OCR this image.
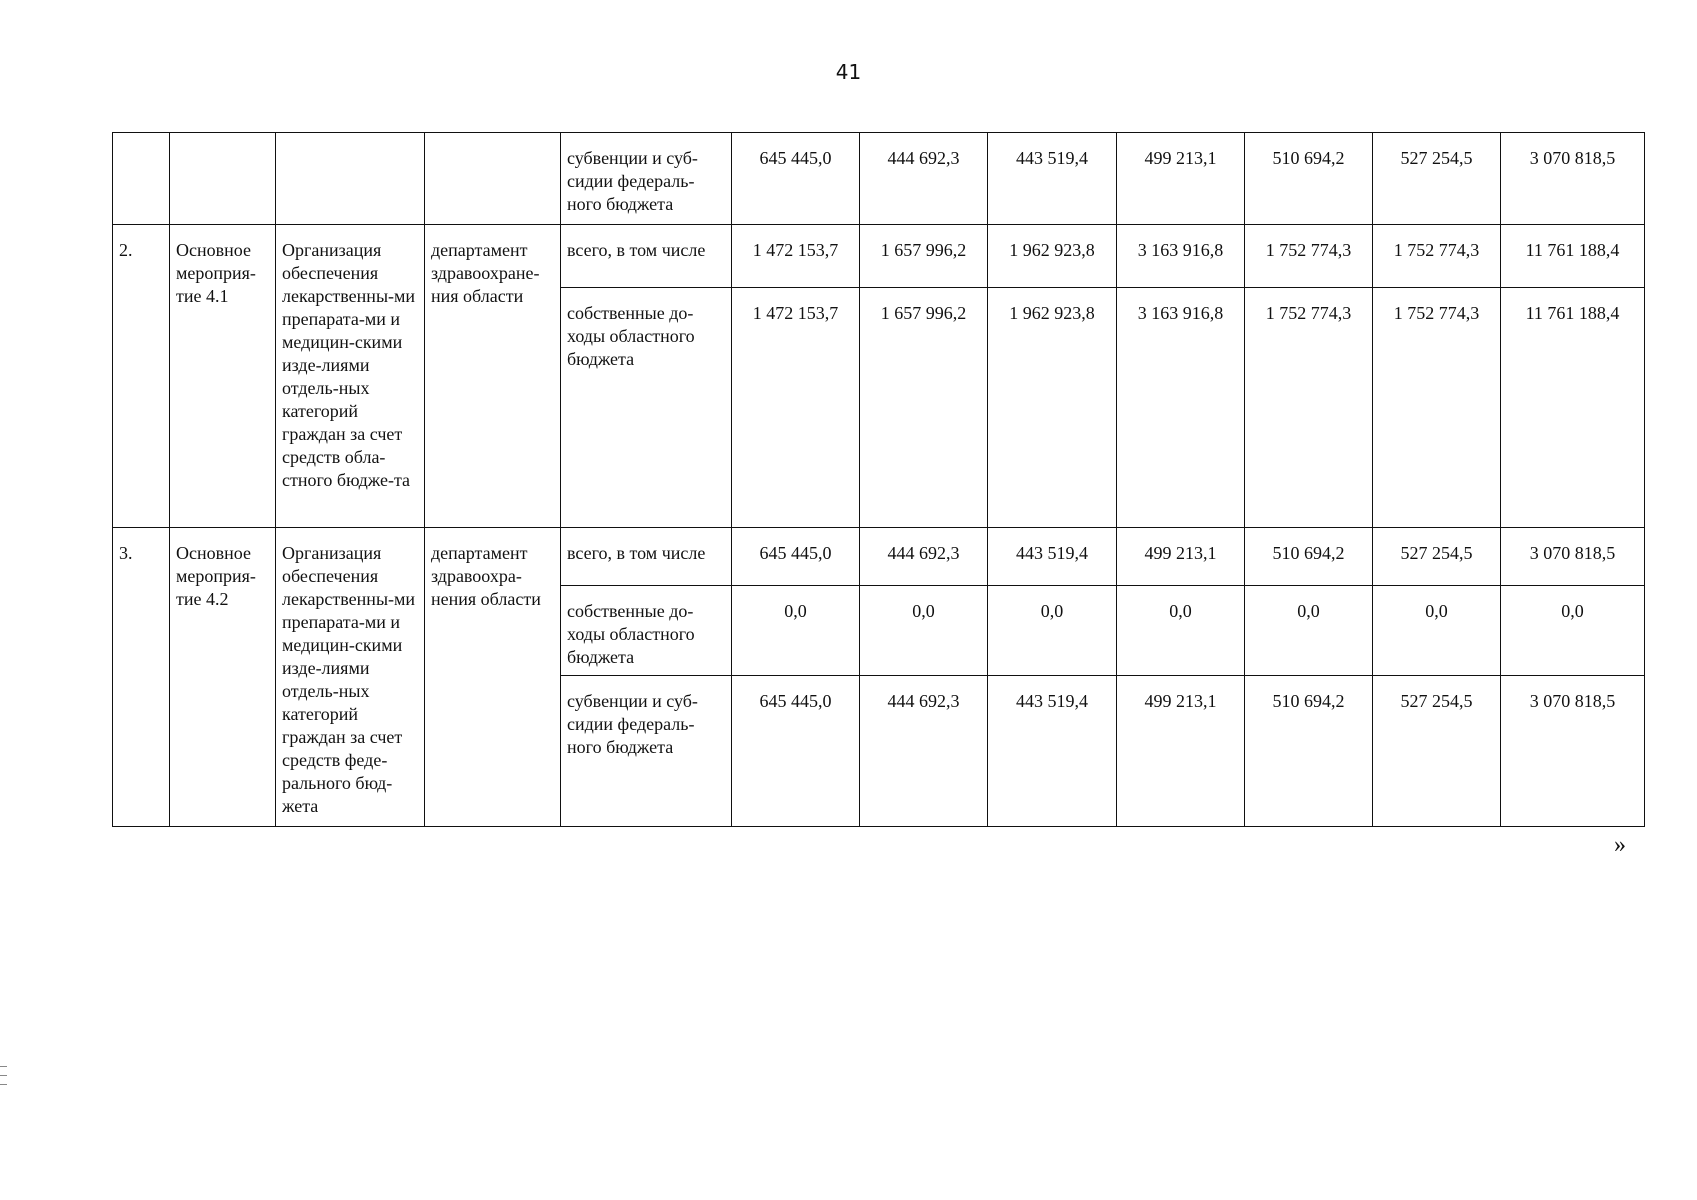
41
				субвенции и суб-сидии федераль-ного бюджета	645 445,0	444 692,3	443 519,4	499 213,1	510 694,2	527 254,5	3 070 818,5
2.	Основное мероприя-тие 4.1	Организация обеспечения лекарственны-ми препарата-ми и медицин-скими изде-лиями отдель-ных категорий граждан за счет средств обла-стного бюдже-та	департамент здравоохране-ния области	всего, в том числе	1 472 153,7	1 657 996,2	1 962 923,8	3 163 916,8	1 752 774,3	1 752 774,3	11 761 188,4
				собственные до-ходы областного бюджета	1 472 153,7	1 657 996,2	1 962 923,8	3 163 916,8	1 752 774,3	1 752 774,3	11 761 188,4
3.	Основное мероприя-тие 4.2	Организация обеспечения лекарственны-ми препарата-ми и медицин-скими изде-лиями отдель-ных категорий граждан за счет средств феде-рального бюд-жета	департамент здравоохра-нения области	всего, в том числе	645 445,0	444 692,3	443 519,4	499 213,1	510 694,2	527 254,5	3 070 818,5
				собственные до-ходы областного бюджета	0,0	0,0	0,0	0,0	0,0	0,0	0,0
				субвенции и суб-сидии федераль-ного бюджета	645 445,0	444 692,3	443 519,4	499 213,1	510 694,2	527 254,5	3 070 818,5
»
